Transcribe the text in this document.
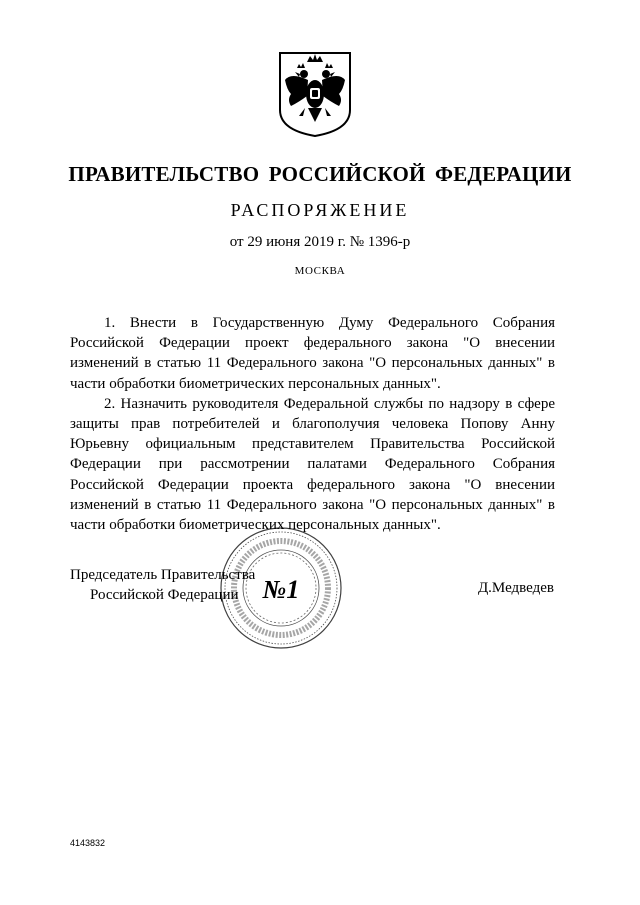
ПРАВИТЕЛЬСТВО РОССИЙСКОЙ ФЕДЕРАЦИИ
РАСПОРЯЖЕНИЕ
от 29 июня 2019 г. № 1396-р
МОСКВА

1. Внести в Государственную Думу Федерального Собрания Российской Федерации проект федерального закона "О внесении изменений в статью 11 Федерального закона "О персональных данных" в части обработки биометрических персональных данных".

2. Назначить руководителя Федеральной службы по надзору в сфере защиты прав потребителей и благополучия человека Попову Анну Юрьевну официальным представителем Правительства Российской Федерации при рассмотрении палатами Федерального Собрания Российской Федерации проекта федерального закона "О внесении изменений в статью 11 Федерального закона "О персональных данных" в части обработки биометрических персональных данных".

Председатель Правительства
Российской Федерации	Д.Медведев
№1
4143832
